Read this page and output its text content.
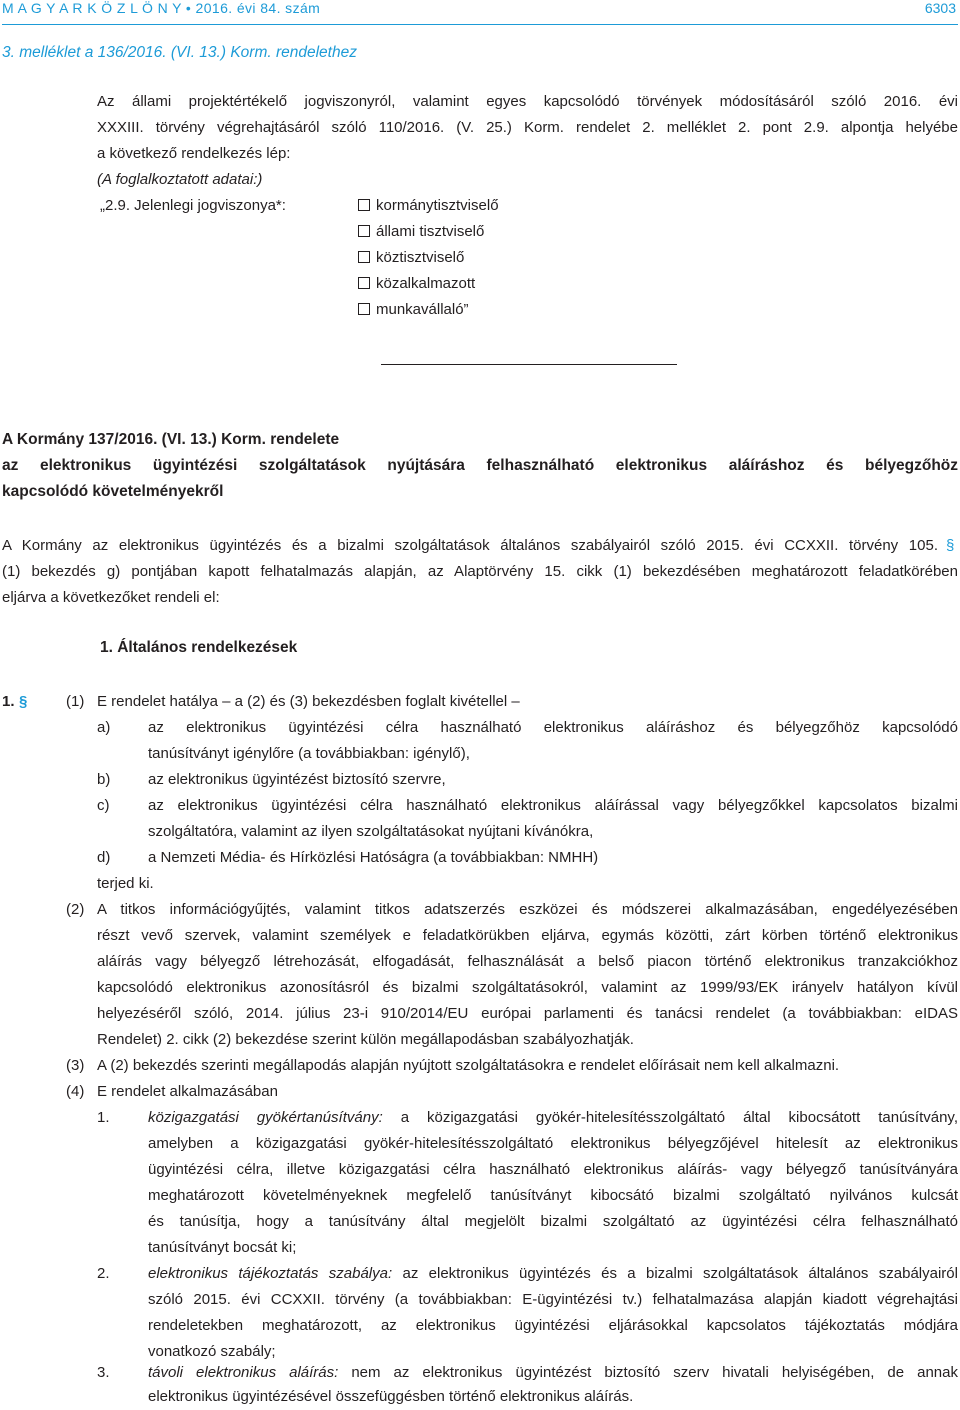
M A G Y A R K Ö Z L Ö N Y • 2016. évi 84. szám	6303
3. melléklet a 136/2016. (VI. 13.) Korm. rendelethez
Az állami projektértékelő jogviszonyról, valamint egyes kapcsolódó törvények módosításáról szóló 2016. évi
XXXIII. törvény végrehajtásáról szóló 110/2016. (V. 25.) Korm. rendelet 2. melléklet 2. pont 2.9. alpontja helyébe
a következő rendelkezés lép:
(A foglalkoztatott adatai:)
„2.9. Jelenlegi jogviszonya*:	kormánytisztviselő
állami tisztviselő
köztisztviselő
közalkalmazott
munkavállaló”
A Kormány 137/2016. (VI. 13.) Korm. rendelete
az elektronikus ügyintézési szolgáltatások nyújtására felhasználható elektronikus aláíráshoz és bélyegzőhöz
kapcsolódó követelményekről
A Kormány az elektronikus ügyintézés és a bizalmi szolgáltatások általános szabályairól szóló 2015. évi CCXXII. törvény 105. §
(1) bekezdés g) pontjában kapott felhatalmazás alapján, az Alaptörvény 15. cikk (1) bekezdésében meghatározott feladatkörében
eljárva a következőket rendeli el:
1. Általános rendelkezések
1. §	(1) E rendelet hatálya – a (2) és (3) bekezdésben foglalt kivétellel –
a)	az elektronikus ügyintézési célra használható elektronikus aláíráshoz és bélyegzőhöz kapcsolódó
tanúsítványt igénylőre (a továbbiakban: igénylő),
b)	az elektronikus ügyintézést biztosító szervre,
c)	az elektronikus ügyintézési célra használható elektronikus aláírással vagy bélyegzőkkel kapcsolatos bizalmi
szolgáltatóra, valamint az ilyen szolgáltatásokat nyújtani kívánókra,
d)	a Nemzeti Média- és Hírközlési Hatóságra (a továbbiakban: NMHH)
terjed ki.
(2) A titkos információgyűjtés, valamint titkos adatszerzés eszközei és módszerei alkalmazásában, engedélyezésében
részt vevő szervek, valamint személyek e feladatkörükben eljárva, egymás közötti, zárt körben történő elektronikus
aláírás vagy bélyegző létrehozását, elfogadását, felhasználását a belső piacon történő elektronikus tranzakciókhoz
kapcsolódó elektronikus azonosításról és bizalmi szolgáltatásokról, valamint az 1999/93/EK irányelv hatályon kívül
helyezéséről szóló, 2014. július 23-i 910/2014/EU európai parlamenti és tanácsi rendelet (a továbbiakban: eIDAS
Rendelet) 2. cikk (2) bekezdése szerint külön megállapodásban szabályozhatják.
(3) A (2) bekezdés szerinti megállapodás alapján nyújtott szolgáltatásokra e rendelet előírásait nem kell alkalmazni.
(4) E rendelet alkalmazásában
1.	közigazgatási gyökértanúsítvány: a közigazgatási gyökér-hitelesítésszolgáltató által kibocsátott tanúsítvány,
amelyben a közigazgatási gyökér-hitelesítésszolgáltató elektronikus bélyegzőjével hitelesít az elektronikus
ügyintézési célra, illetve közigazgatási célra használható elektronikus aláírás- vagy bélyegző tanúsítványára
meghatározott követelményeknek megfelelő tanúsítványt kibocsátó bizalmi szolgáltató nyilvános kulcsát
és tanúsítja, hogy a tanúsítvány által megjelölt bizalmi szolgáltató az ügyintézési célra felhasználható
tanúsítványt bocsát ki;
2.	elektronikus tájékoztatás szabálya: az elektronikus ügyintézés és a bizalmi szolgáltatások általános szabályairól
szóló 2015. évi CCXXII. törvény (a továbbiakban: E-ügyintézési tv.) felhatalmazása alapján kiadott végrehajtási
rendeletekben meghatározott, az elektronikus ügyintézési eljárásokkal kapcsolatos tájékoztatás módjára
vonatkozó szabály;
3.	távoli elektronikus aláírás: nem az elektronikus ügyintézést biztosító szerv hivatali helyiségében, de annak
elektronikus ügyintézésével összefüggésben történő elektronikus aláírás.
